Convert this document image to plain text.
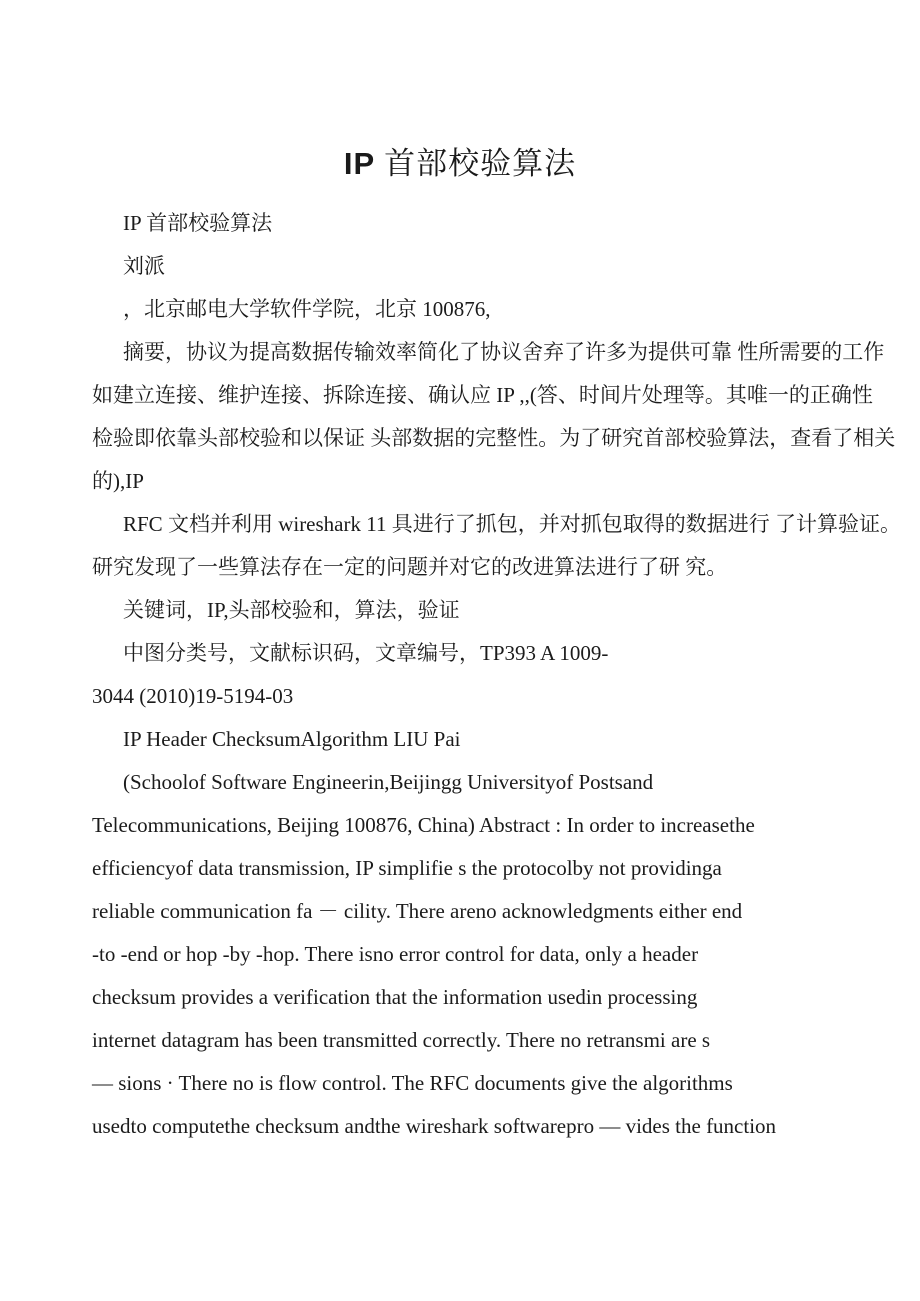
IP 首部校验算法
IP 首部校验算法
刘派
，北京邮电大学软件学院，北京 100876,
摘要，协议为提高数据传输效率简化了协议舍弃了许多为提供可靠 性所需要的工作
如建立连接、维护连接、拆除连接、确认应 IP ,,(答、时间片处理等。其唯一的正确性
检验即依靠头部校验和以保证 头部数据的完整性。为了研究首部校验算法，查看了相关
的),IP
RFC 文档并利用 wireshark 11 具进行了抓包，并对抓包取得的数据进行 了计算验证。
研究发现了一些算法存在一定的问题并对它的改进算法进行了研 究。
关键词，IP,头部校验和，算法，验证
中图分类号，文献标识码，文章编号，TP393 A 1009-
3044 (2010)19-5194-03
IP Header ChecksumAlgorithm LIU Pai
(Schoolof Software Engineerin,Beijingg Universityof Postsand
Telecommunications, Beijing 100876, China) Abstract : In order to increasethe
efficiencyof data transmission, IP simplifie s the protocolby not providinga
reliable communication fa － cility. There areno acknowledgments either end
-to -end or hop -by -hop. There isno error control for data, only a header
checksum provides a verification that the information usedin processing
internet datagram has been transmitted correctly. There no retransmi are s
— sions · There no is flow control. The RFC documents give the algorithms
usedto computethe checksum andthe wireshark softwarepro — vides the function
